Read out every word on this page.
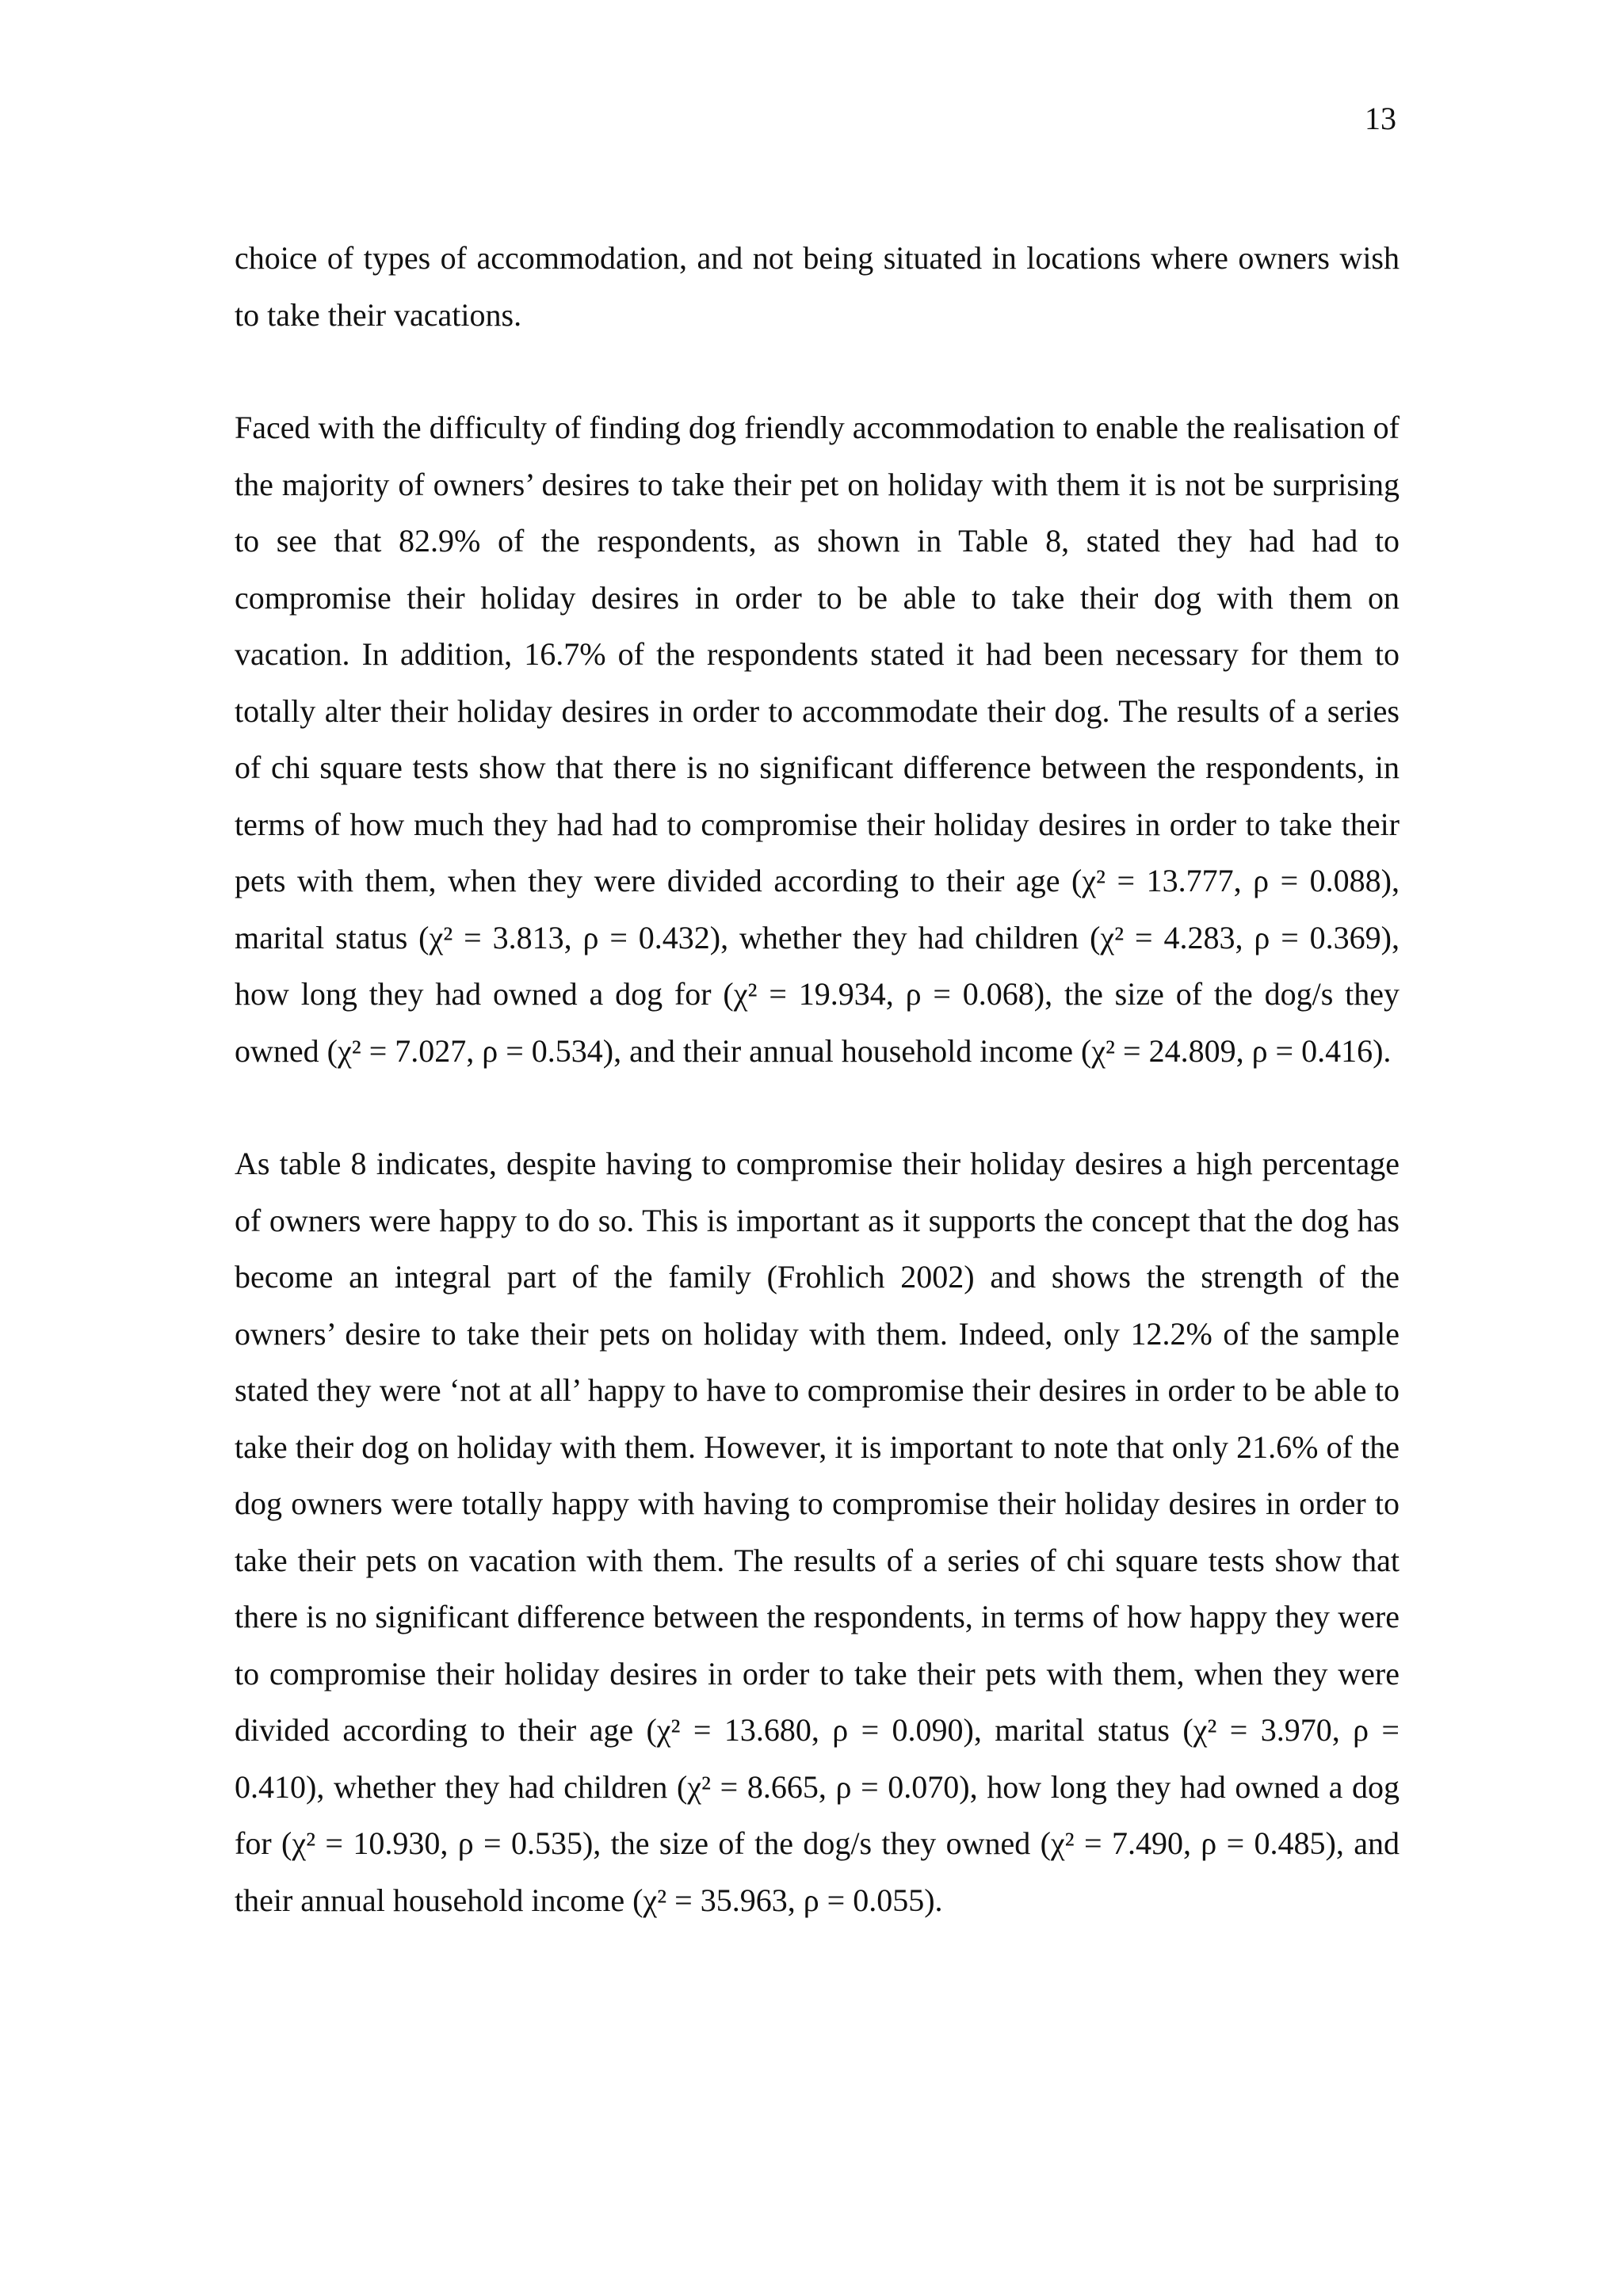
13

choice of types of accommodation, and not being situated in locations where owners wish to take their vacations.

Faced with the difficulty of finding dog friendly accommodation to enable the realisation of the majority of owners’ desires to take their pet on holiday with them it is not be surprising to see that 82.9% of the respondents, as shown in Table 8, stated they had had to compromise their holiday desires in order to be able to take their dog with them on vacation. In addition, 16.7% of the respondents stated it had been necessary for them to totally alter their holiday desires in order to accommodate their dog. The results of a series of chi square tests show that there is no significant difference between the respondents, in terms of how much they had had to compromise their holiday desires in order to take their pets with them, when they were divided according to their age (χ² = 13.777, ρ = 0.088), marital status (χ² = 3.813, ρ = 0.432), whether they had children (χ² = 4.283, ρ = 0.369), how long they had owned a dog for (χ² = 19.934, ρ = 0.068), the size of the dog/s they owned (χ² = 7.027, ρ = 0.534), and their annual household income (χ² = 24.809, ρ = 0.416).

As table 8 indicates, despite having to compromise their holiday desires a high percentage of owners were happy to do so. This is important as it supports the concept that the dog has become an integral part of the family (Frohlich 2002) and shows the strength of the owners’ desire to take their pets on holiday with them. Indeed, only 12.2% of the sample stated they were ‘not at all’ happy to have to compromise their desires in order to be able to take their dog on holiday with them. However, it is important to note that only 21.6% of the dog owners were totally happy with having to compromise their holiday desires in order to take their pets on vacation with them. The results of a series of chi square tests show that there is no significant difference between the respondents, in terms of how happy they were to compromise their holiday desires in order to take their pets with them, when they were divided according to their age (χ² = 13.680, ρ = 0.090), marital status (χ² = 3.970, ρ = 0.410), whether they had children (χ² = 8.665, ρ = 0.070), how long they had owned a dog for (χ² = 10.930, ρ = 0.535), the size of the dog/s they owned (χ² = 7.490, ρ = 0.485), and their annual household income (χ² = 35.963, ρ = 0.055).
